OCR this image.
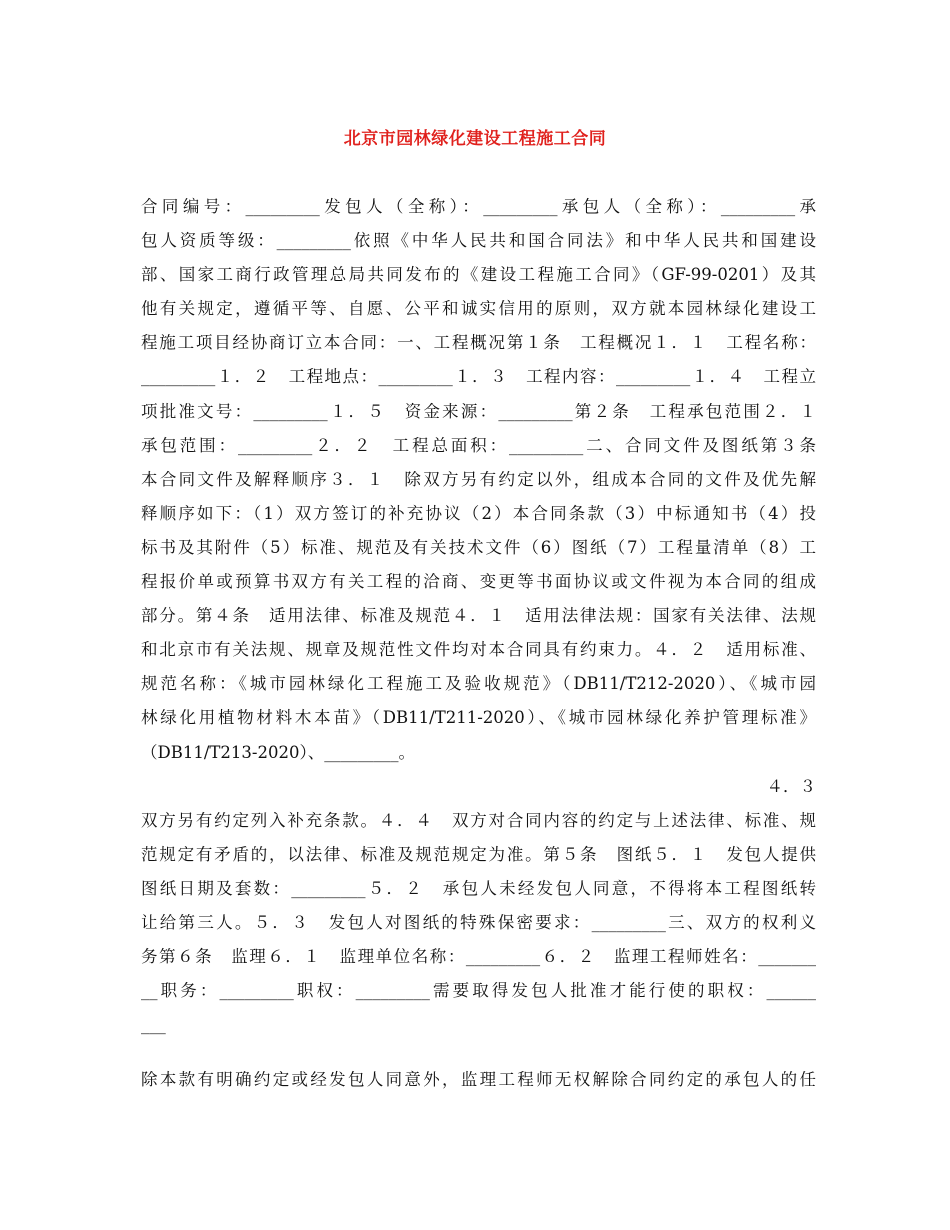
北京市园林绿化建设工程施工合同
合同编号：_________发包人（全称）：_________承包人（全称）：_________承
包人资质等级：_________依照《中华人民共和国合同法》和中华人民共和国建设
部、国家工商行政管理总局共同发布的《建设工程施工合同》（GF-99-0201）及其
他有关规定，遵循平等、自愿、公平和诚实信用的原则，双方就本园林绿化建设工
程施工项目经协商订立本合同：一、工程概况第１条　工程概况１．１　工程名称：
_________１．２　工程地点：_________１．３　工程内容：_________１．４　工程立
项批准文号：_________１．５　资金来源：_________第２条　工程承包范围２．１
承包范围：_________２．２　工程总面积：_________二、合同文件及图纸第３条
本合同文件及解释顺序３．１　除双方另有约定以外，组成本合同的文件及优先解
释顺序如下：（1）双方签订的补充协议（2）本合同条款（3）中标通知书（4）投
标书及其附件（5）标准、规范及有关技术文件（6）图纸（7）工程量清单（8）工
程报价单或预算书双方有关工程的洽商、变更等书面协议或文件视为本合同的组成
部分。第４条　适用法律、标准及规范４．１　适用法律法规：国家有关法律、法规
和北京市有关法规、规章及规范性文件均对本合同具有约束力。４．２　适用标准、
规范名称：《城市园林绿化工程施工及验收规范》（DB11/T212-2020）、《城市园
林绿化用植物材料木本苗》（DB11/T211-2020）、《城市园林绿化养护管理标准》
（DB11/T213-2020）、_________。
４．３
双方另有约定列入补充条款。４．４　双方对合同内容的约定与上述法律、标准、规
范规定有矛盾的，以法律、标准及规范规定为准。第５条　图纸５．１　发包人提供
图纸日期及套数：_________５．２　承包人未经发包人同意，不得将本工程图纸转
让给第三人。５．３　发包人对图纸的特殊保密要求：_________三、双方的权利义
务第６条　监理６．１　监理单位名称：_________６．２　监理工程师姓名：_______
__职务：_________职权：_________需要取得发包人批准才能行使的职权：______
___
除本款有明确约定或经发包人同意外，监理工程师无权解除合同约定的承包人的任
